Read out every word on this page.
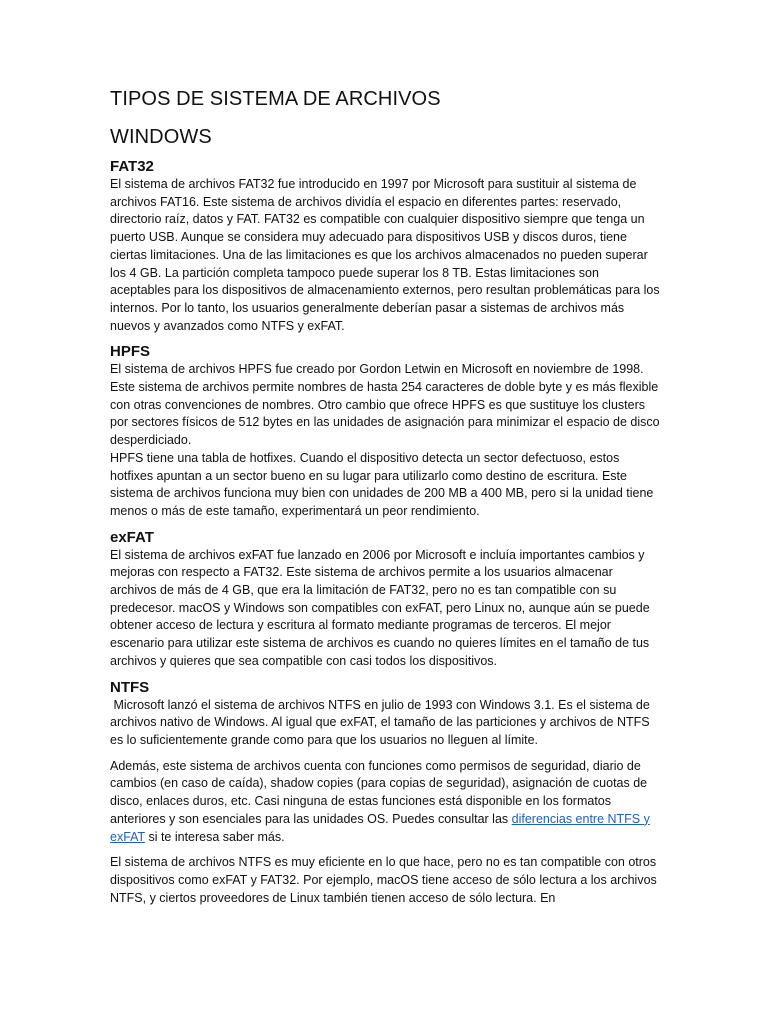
TIPOS DE SISTEMA DE ARCHIVOS
WINDOWS
FAT32

El sistema de archivos FAT32 fue introducido en 1997 por Microsoft para sustituir al sistema de archivos FAT16. Este sistema de archivos dividía el espacio en diferentes partes: reservado, directorio raíz, datos y FAT. FAT32 es compatible con cualquier dispositivo siempre que tenga un puerto USB. Aunque se considera muy adecuado para dispositivos USB y discos duros, tiene ciertas limitaciones. Una de las limitaciones es que los archivos almacenados no pueden superar los 4 GB. La partición completa tampoco puede superar los 8 TB. Estas limitaciones son aceptables para los dispositivos de almacenamiento externos, pero resultan problemáticas para los internos. Por lo tanto, los usuarios generalmente deberían pasar a sistemas de archivos más nuevos y avanzados como NTFS y exFAT.

HPFS

El sistema de archivos HPFS fue creado por Gordon Letwin en Microsoft en noviembre de 1998. Este sistema de archivos permite nombres de hasta 254 caracteres de doble byte y es más flexible con otras convenciones de nombres. Otro cambio que ofrece HPFS es que sustituye los clusters por sectores físicos de 512 bytes en las unidades de asignación para minimizar el espacio de disco desperdiciado.

HPFS tiene una tabla de hotfixes. Cuando el dispositivo detecta un sector defectuoso, estos hotfixes apuntan a un sector bueno en su lugar para utilizarlo como destino de escritura. Este sistema de archivos funciona muy bien con unidades de 200 MB a 400 MB, pero si la unidad tiene menos o más de este tamaño, experimentará un peor rendimiento.

exFAT

El sistema de archivos exFAT fue lanzado en 2006 por Microsoft e incluía importantes cambios y mejoras con respecto a FAT32. Este sistema de archivos permite a los usuarios almacenar archivos de más de 4 GB, que era la limitación de FAT32, pero no es tan compatible con su predecesor. macOS y Windows son compatibles con exFAT, pero Linux no, aunque aún se puede obtener acceso de lectura y escritura al formato mediante programas de terceros. El mejor escenario para utilizar este sistema de archivos es cuando no quieres límites en el tamaño de tus archivos y quieres que sea compatible con casi todos los dispositivos.

NTFS

Microsoft lanzó el sistema de archivos NTFS en julio de 1993 con Windows 3.1. Es el sistema de archivos nativo de Windows. Al igual que exFAT, el tamaño de las particiones y archivos de NTFS es lo suficientemente grande como para que los usuarios no lleguen al límite.

Además, este sistema de archivos cuenta con funciones como permisos de seguridad, diario de cambios (en caso de caída), shadow copies (para copias de seguridad), asignación de cuotas de disco, enlaces duros, etc. Casi ninguna de estas funciones está disponible en los formatos anteriores y son esenciales para las unidades OS. Puedes consultar las diferencias entre NTFS y exFAT si te interesa saber más.

El sistema de archivos NTFS es muy eficiente en lo que hace, pero no es tan compatible con otros dispositivos como exFAT y FAT32. Por ejemplo, macOS tiene acceso de sólo lectura a los archivos NTFS, y ciertos proveedores de Linux también tienen acceso de sólo lectura. En
